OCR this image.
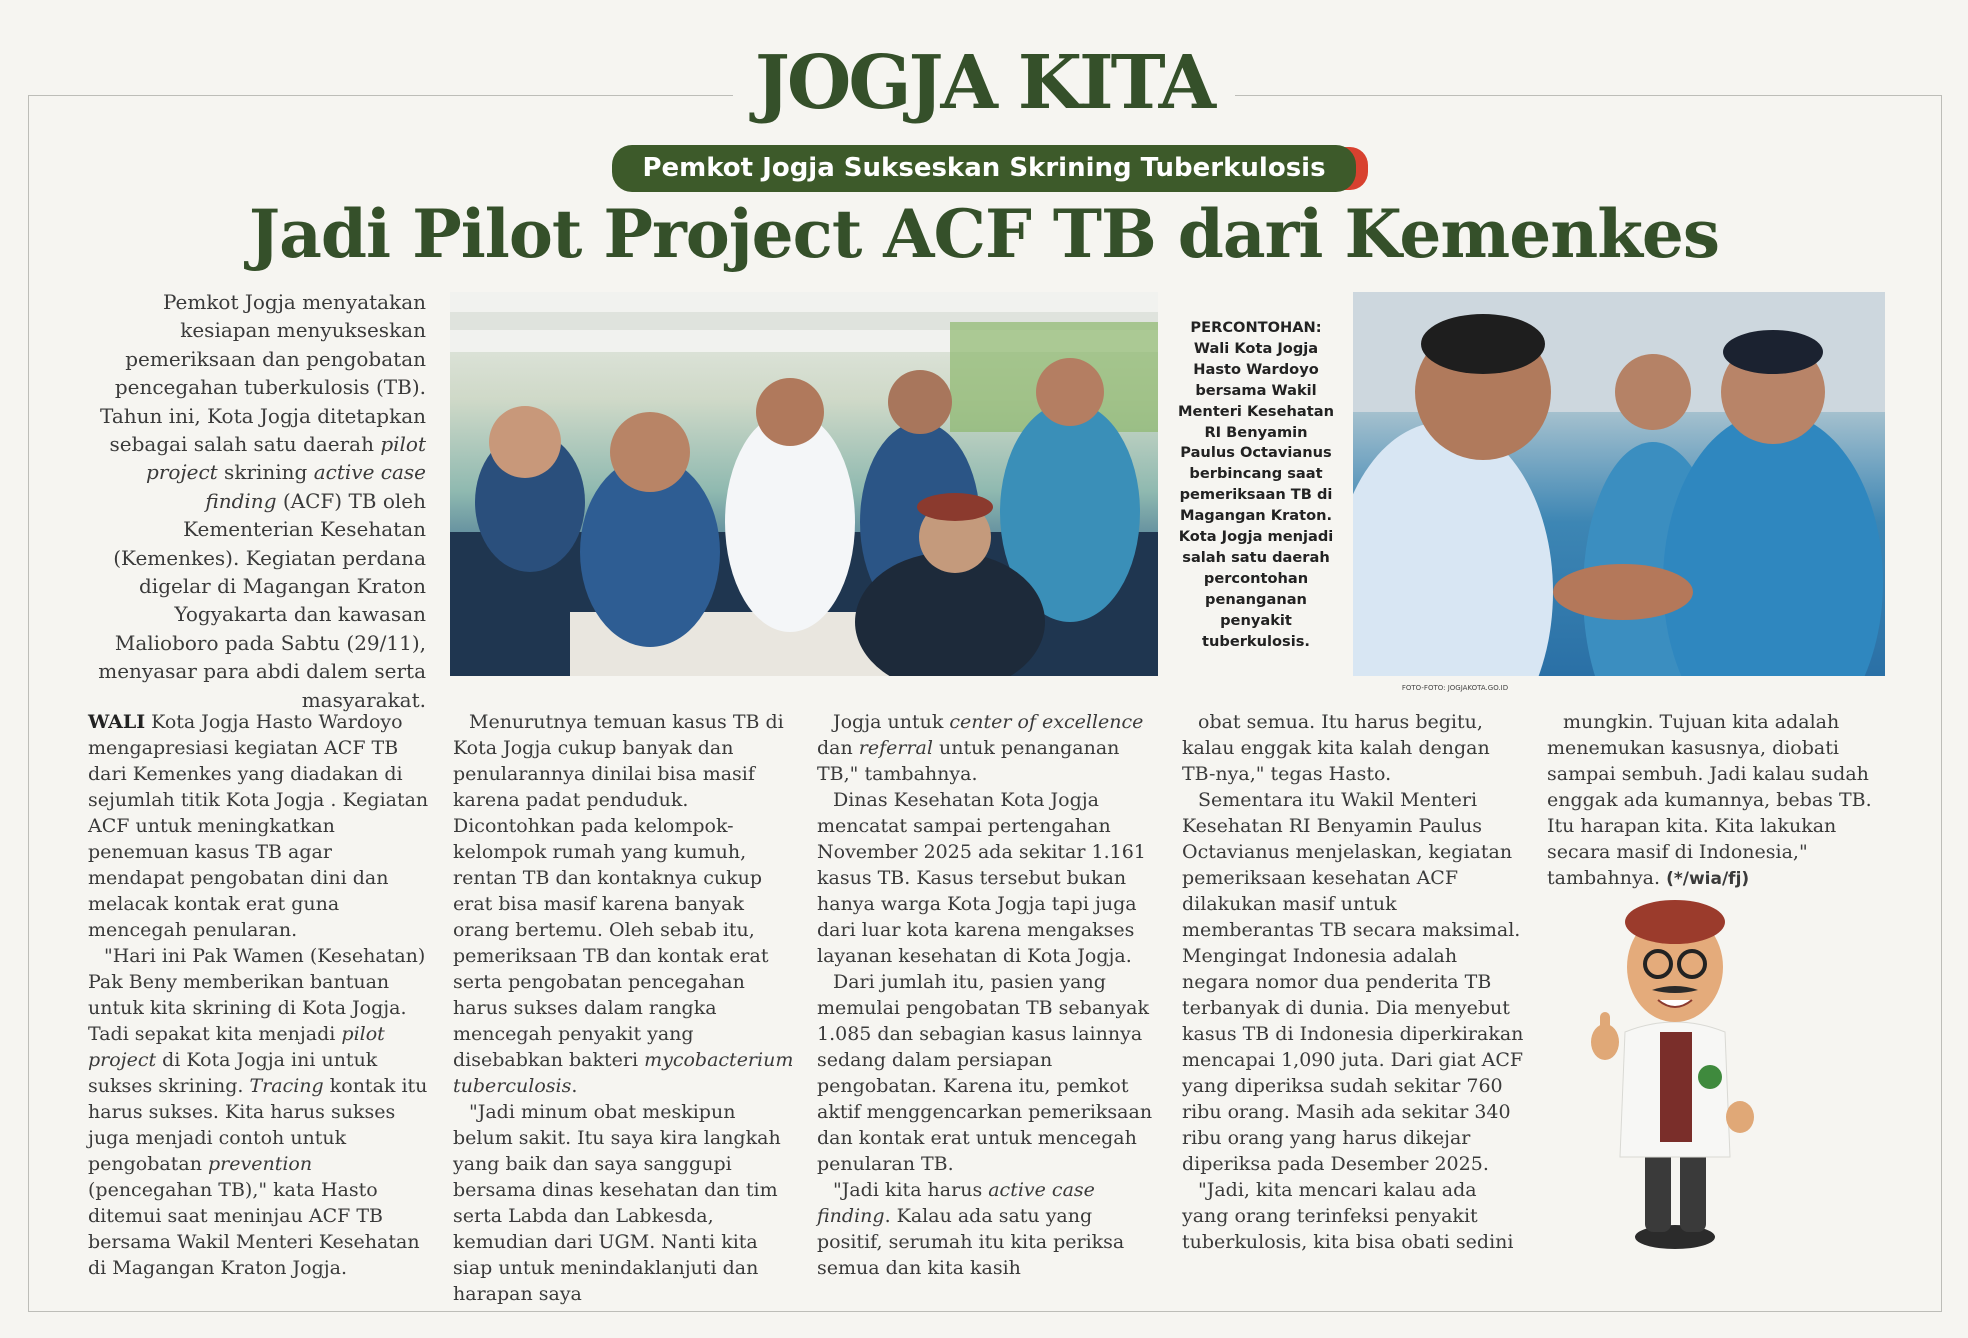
JOGJA KITA
Pemkot Jogja Sukseskan Skrining Tuberkulosis
Jadi Pilot Project ACF TB dari Kemenkes
Pemkot Jogja menyatakan kesiapan menyukseskan pemeriksaan dan pengobatan pencegahan tuberkulosis (TB). Tahun ini, Kota Jogja ditetapkan sebagai salah satu daerah pilot project skrining active case finding (ACF) TB oleh Kementerian Kesehatan (Kemenkes). Kegiatan perdana digelar di Magangan Kraton Yogyakarta dan kawasan Malioboro pada Sabtu (29/11), menyasar para abdi dalem serta masyarakat.
PERCONTOHAN: Wali Kota Jogja Hasto Wardoyo bersama Wakil Menteri Kesehatan RI Benyamin Paulus Octavianus berbincang saat pemeriksaan TB di Magangan Kraton. Kota Jogja menjadi salah satu daerah percontohan penanganan penyakit tuberkulosis.
FOTO-FOTO: JOGJAKOTA.GO.ID

WALI Kota Jogja Hasto Wardoyo mengapresiasi kegiatan ACF TB dari Kemenkes yang diadakan di sejumlah titik Kota Jogja . Kegiatan ACF untuk meningkatkan penemuan kasus TB agar mendapat pengobatan dini dan melacak kontak erat guna mencegah penularan.

"Hari ini Pak Wamen (Kesehatan) Pak Beny memberikan bantuan untuk kita skrining di Kota Jogja. Tadi sepakat kita menjadi pilot project di Kota Jogja ini untuk sukses skrining. Tracing kontak itu harus sukses. Kita harus sukses juga menjadi contoh untuk pengobatan prevention (pencegahan TB)," kata Hasto ditemui saat meninjau ACF TB bersama Wakil Menteri Kesehatan di Magangan Kraton Jogja.

Menurutnya temuan kasus TB di Kota Jogja cukup banyak dan penularannya dinilai bisa masif karena padat penduduk. Dicontohkan pada kelompok-kelompok rumah yang kumuh, rentan TB dan kontaknya cukup erat bisa masif karena banyak orang bertemu. Oleh sebab itu, pemeriksaan TB dan kontak erat serta pengobatan pencegahan harus sukses dalam rangka mencegah penyakit yang disebabkan bakteri mycobacterium tuberculosis.

"Jadi minum obat meskipun belum sakit. Itu saya kira langkah yang baik dan saya sanggupi bersama dinas kesehatan dan tim serta Labda dan Labkesda, kemudian dari UGM. Nanti kita siap untuk menindaklanjuti dan harapan saya

Jogja untuk center of excellence dan referral untuk penanganan TB," tambahnya.

Dinas Kesehatan Kota Jogja mencatat sampai pertengahan November 2025 ada sekitar 1.161 kasus TB. Kasus tersebut bukan hanya warga Kota Jogja tapi juga dari luar kota karena mengakses layanan kesehatan di Kota Jogja.

Dari jumlah itu, pasien yang memulai pengobatan TB sebanyak 1.085 dan sebagian kasus lainnya sedang dalam persiapan pengobatan. Karena itu, pemkot aktif menggencarkan pemeriksaan dan kontak erat untuk mencegah penularan TB.

"Jadi kita harus active case finding. Kalau ada satu yang positif, serumah itu kita periksa semua dan kita kasih

obat semua. Itu harus begitu, kalau enggak kita kalah dengan TB-nya," tegas Hasto.

Sementara itu Wakil Menteri Kesehatan RI Benyamin Paulus Octavianus menjelaskan, kegiatan pemeriksaan kesehatan ACF dilakukan masif untuk memberantas TB secara maksimal. Mengingat Indonesia adalah negara nomor dua penderita TB terbanyak di dunia. Dia menyebut kasus TB di Indonesia diperkirakan mencapai 1,090 juta. Dari giat ACF yang diperiksa sudah sekitar 760 ribu orang. Masih ada sekitar 340 ribu orang yang harus dikejar diperiksa pada Desember 2025.

"Jadi, kita mencari kalau ada yang orang terinfeksi penyakit tuberkulosis, kita bisa obati sedini

mungkin. Tujuan kita adalah menemukan kasusnya, diobati sampai sembuh. Jadi kalau sudah enggak ada kumannya, bebas TB. Itu harapan kita. Kita lakukan secara masif di Indonesia," tambahnya. (*/wia/fj)
